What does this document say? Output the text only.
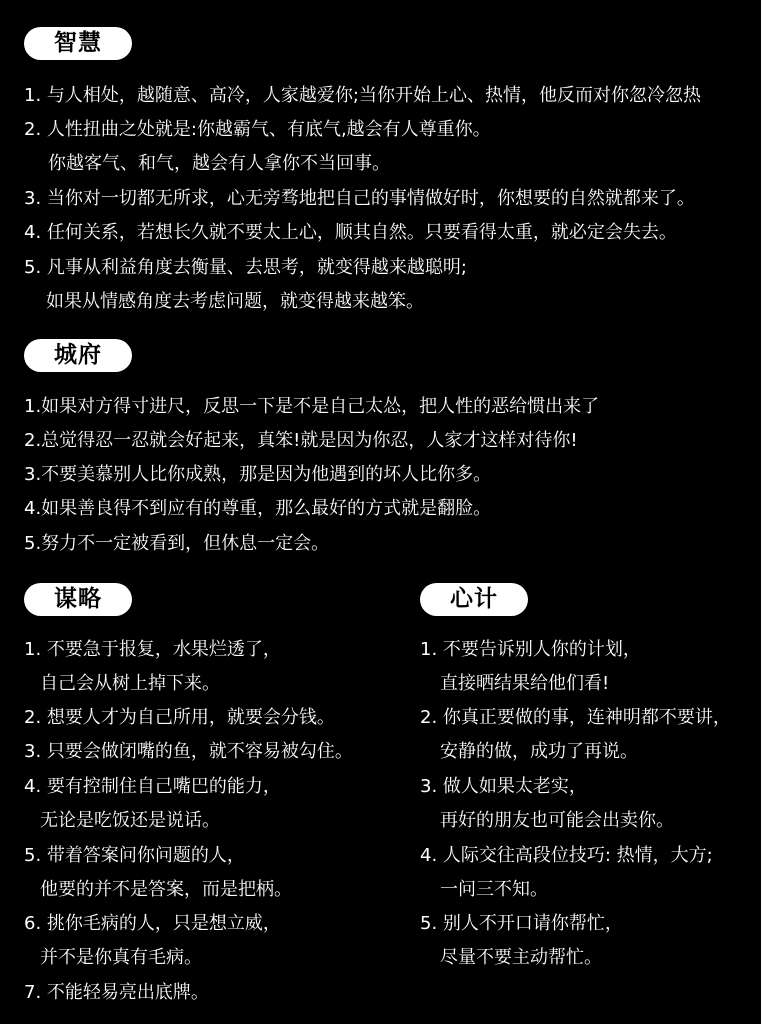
智慧
1. 与人相处，越随意、高冷，人家越爱你;当你开始上心、热情，他反而对你忽冷忽热
2. 人性扭曲之处就是:你越霸气、有底气,越会有人尊重你。
你越客气、和气，越会有人拿你不当回事。
3. 当你对一切都无所求，心无旁骛地把自己的事情做好时，你想要的自然就都来了。
4. 任何关系，若想长久就不要太上心，顺其自然。只要看得太重，就必定会失去。
5. 凡事从利益角度去衡量、去思考，就变得越来越聪明;
如果从情感角度去考虑问题，就变得越来越笨。
城府
1.如果对方得寸进尺，反思一下是不是自己太怂，把人性的恶给惯出来了
2.总觉得忍一忍就会好起来，真笨!就是因为你忍，人家才这样对待你!
3.不要美慕别人比你成熟，那是因为他遇到的坏人比你多。
4.如果善良得不到应有的尊重，那么最好的方式就是翻脸。
5.努力不一定被看到，但休息一定会。
谋略
1. 不要急于报复，水果烂透了，
自己会从树上掉下来。
2. 想要人才为自己所用，就要会分钱。
3. 只要会做闭嘴的鱼，就不容易被勾住。
4. 要有控制住自己嘴巴的能力，
无论是吃饭还是说话。
5. 带着答案问你问题的人，
他要的并不是答案，而是把柄。
6. 挑你毛病的人，只是想立威，
并不是你真有毛病。
7. 不能轻易亮出底牌。
心计
1. 不要告诉别人你的计划，
直接晒结果给他们看!
2. 你真正要做的事，连神明都不要讲，
安静的做，成功了再说。
3. 做人如果太老实，
再好的朋友也可能会出卖你。
4. 人际交往高段位技巧: 热情，大方;
一问三不知。
5. 别人不开口请你帮忙，
尽量不要主动帮忙。
